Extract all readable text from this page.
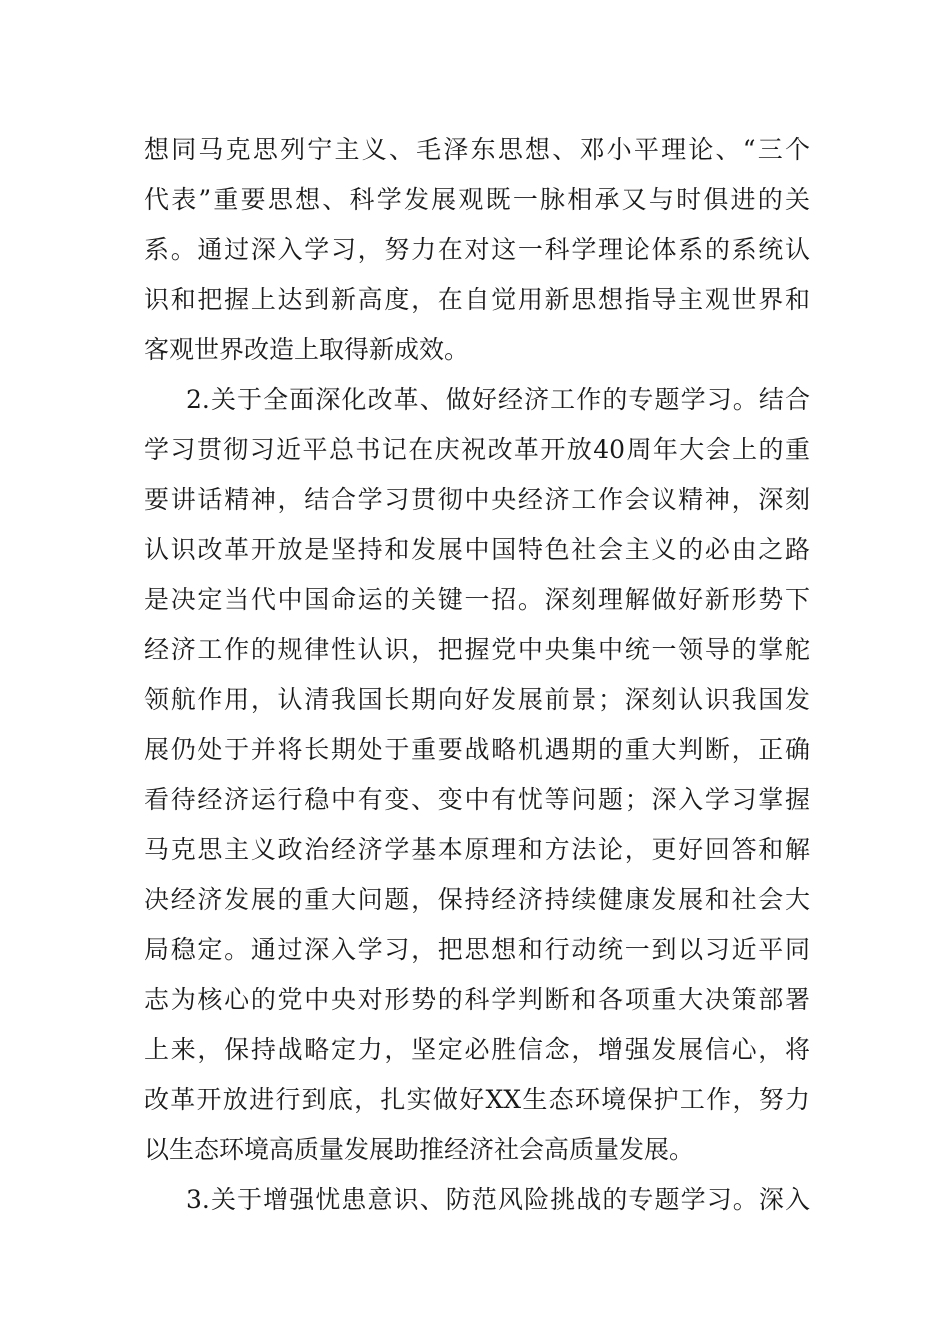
想同马克思列宁主义、毛泽东思想、邓小平理论、“三个
代表”重要思想、科学发展观既一脉相承又与时俱进的关
系。通过深入学习，努力在对这一科学理论体系的系统认
识和把握上达到新高度，在自觉用新思想指导主观世界和
客观世界改造上取得新成效。
2.关于全面深化改革、做好经济工作的专题学习。结合
学习贯彻习近平总书记在庆祝改革开放40周年大会上的重
要讲话精神，结合学习贯彻中央经济工作会议精神，深刻
认识改革开放是坚持和发展中国特色社会主义的必由之路
是决定当代中国命运的关键一招。深刻理解做好新形势下
经济工作的规律性认识，把握党中央集中统一领导的掌舵
领航作用，认清我国长期向好发展前景；深刻认识我国发
展仍处于并将长期处于重要战略机遇期的重大判断，正确
看待经济运行稳中有变、变中有忧等问题；深入学习掌握
马克思主义政治经济学基本原理和方法论，更好回答和解
决经济发展的重大问题，保持经济持续健康发展和社会大
局稳定。通过深入学习，把思想和行动统一到以习近平同
志为核心的党中央对形势的科学判断和各项重大决策部署
上来，保持战略定力，坚定必胜信念，增强发展信心，将
改革开放进行到底，扎实做好XX生态环境保护工作，努力
以生态环境高质量发展助推经济社会高质量发展。
3.关于增强忧患意识、防范风险挑战的专题学习。深入
